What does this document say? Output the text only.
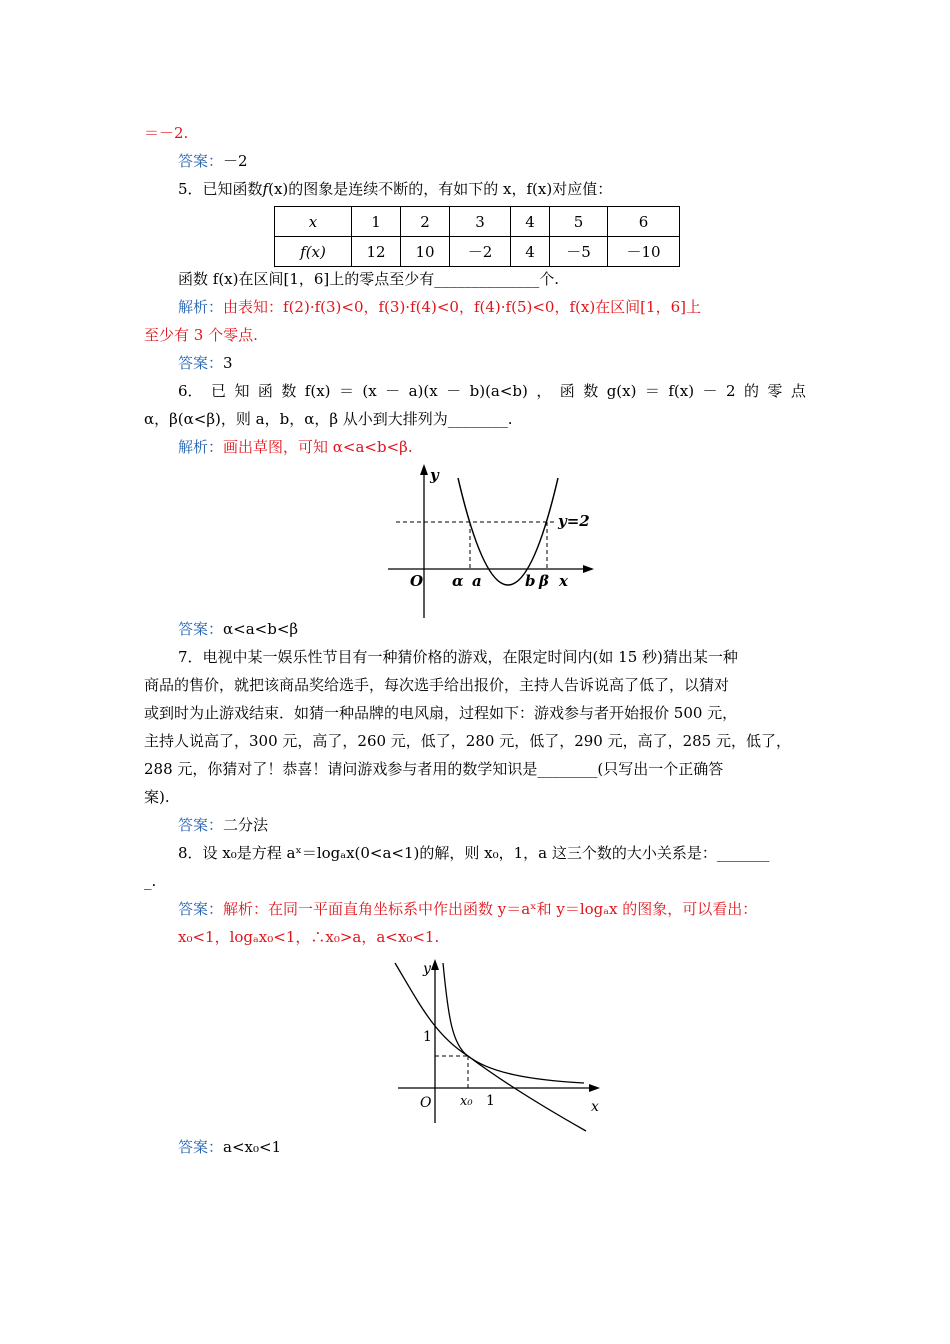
＝－2.
答案：－2
5．已知函数f(x)的图象是连续不断的，有如下的 x，f(x)对应值：
x	1	2	3	4	5	6
f(x)	12	10	－2	4	－5	－10
函数 f(x)在区间[1，6]上的零点至少有______________个.
解析：由表知：f(2)·f(3)<0，f(3)·f(4)<0，f(4)·f(5)<0，f(x)在区间[1，6]上
至少有 3 个零点.
答案：3
6． 已 知 函 数 f(x) ＝ (x － a)(x － b)(a<b) ， 函 数 g(x) ＝ f(x) － 2 的 零 点
α，β(α<β)，则 a，b，α，β 从小到大排列为________.
解析：画出草图，可知 α<a<b<β.
y
y=2
O α a	b β x
答案：α<a<b<β
7．电视中某一娱乐性节目有一种猜价格的游戏，在限定时间内(如 15 秒)猜出某一种
商品的售价，就把该商品奖给选手，每次选手给出报价，主持人告诉说高了低了，以猜对
或到时为止游戏结束．如猜一种品牌的电风扇，过程如下：游戏参与者开始报价 500 元，
主持人说高了，300 元，高了，260 元，低了，280 元，低了，290 元，高了，285 元，低了，
288 元，你猜对了！恭喜！请问游戏参与者用的数学知识是________(只写出一个正确答
案).
答案：二分法
8．设 x₀是方程 aˣ＝logₐx(0<a<1)的解，则 x₀，1，a 这三个数的大小关系是：_______
_.
答案：解析：在同一平面直角坐标系中作出函数 y＝aˣ和 y＝logₐx 的图象，可以看出：
x₀<1，logₐx₀<1，∴x₀>a，a<x₀<1.
y
1
O x₀ 1	x
答案：a<x₀<1
